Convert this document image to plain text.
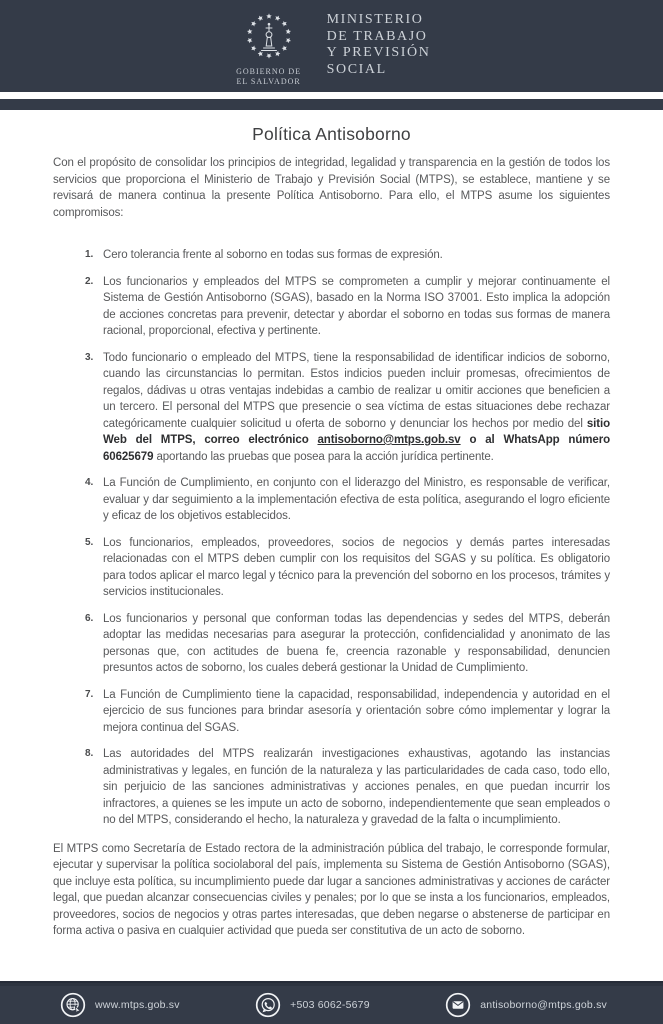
GOBIERNO DE
EL SALVADOR
MINISTERIO
DE TRABAJO
Y PREVISIÓN
SOCIAL
Política Antisoborno

Con el propósito de consolidar los principios de integridad, legalidad y transparencia en la gestión de todos los servicios que proporciona el Ministerio de Trabajo y Previsión Social (MTPS), se establece, mantiene y se revisará de manera continua la presente Política Antisoborno. Para ello, el MTPS asume los siguientes compromisos:

1. Cero tolerancia frente al soborno en todas sus formas de expresión.
2. Los funcionarios y empleados del MTPS se comprometen a cumplir y mejorar continuamente el Sistema de Gestión Antisoborno (SGAS), basado en la Norma ISO 37001. Esto implica la adopción de acciones concretas para prevenir, detectar y abordar el soborno en todas sus formas de manera racional, proporcional, efectiva y pertinente.
3. Todo funcionario o empleado del MTPS, tiene la responsabilidad de identificar indicios de soborno, cuando las circunstancias lo permitan. Estos indicios pueden incluir promesas, ofrecimientos de regalos, dádivas u otras ventajas indebidas a cambio de realizar u omitir acciones que beneficien a un tercero. El personal del MTPS que presencie o sea víctima de estas situaciones debe rechazar categóricamente cualquier solicitud u oferta de soborno y denunciar los hechos por medio del sitio Web del MTPS, correo electrónico antisoborno@mtps.gob.sv o al WhatsApp número 60625679 aportando las pruebas que posea para la acción jurídica pertinente.
4. La Función de Cumplimiento, en conjunto con el liderazgo del Ministro, es responsable de verificar, evaluar y dar seguimiento a la implementación efectiva de esta política, asegurando el logro eficiente y eficaz de los objetivos establecidos.
5. Los funcionarios, empleados, proveedores, socios de negocios y demás partes interesadas relacionadas con el MTPS deben cumplir con los requisitos del SGAS y su política. Es obligatorio para todos aplicar el marco legal y técnico para la prevención del soborno en los procesos, trámites y servicios institucionales.
6. Los funcionarios y personal que conforman todas las dependencias y sedes del MTPS, deberán adoptar las medidas necesarias para asegurar la protección, confidencialidad y anonimato de las personas que, con actitudes de buena fe, creencia razonable y responsabilidad, denuncien presuntos actos de soborno, los cuales deberá gestionar la Unidad de Cumplimiento.
7. La Función de Cumplimiento tiene la capacidad, responsabilidad, independencia y autoridad en el ejercicio de sus funciones para brindar asesoría y orientación sobre cómo implementar y lograr la mejora continua del SGAS.
8. Las autoridades del MTPS realizarán investigaciones exhaustivas, agotando las instancias administrativas y legales, en función de la naturaleza y las particularidades de cada caso, todo ello, sin perjuicio de las sanciones administrativas y acciones penales, en que puedan incurrir los infractores, a quienes se les impute un acto de soborno, independientemente que sean empleados o no del MTPS, considerando el hecho, la naturaleza y gravedad de la falta o incumplimiento.

El MTPS como Secretaría de Estado rectora de la administración pública del trabajo, le corresponde formular, ejecutar y supervisar la política sociolaboral del país, implementa su Sistema de Gestión Antisoborno (SGAS), que incluye esta política, su incumplimiento puede dar lugar a sanciones administrativas y acciones de carácter legal, que puedan alcanzar consecuencias civiles y penales; por lo que se insta a los funcionarios, empleados, proveedores, socios de negocios y otras partes interesadas, que deben negarse o abstenerse de participar en forma activa o pasiva en cualquier actividad que pueda ser constitutiva de un acto de soborno.

www.mtps.gob.sv	+503 6062-5679	antisoborno@mtps.gob.sv
